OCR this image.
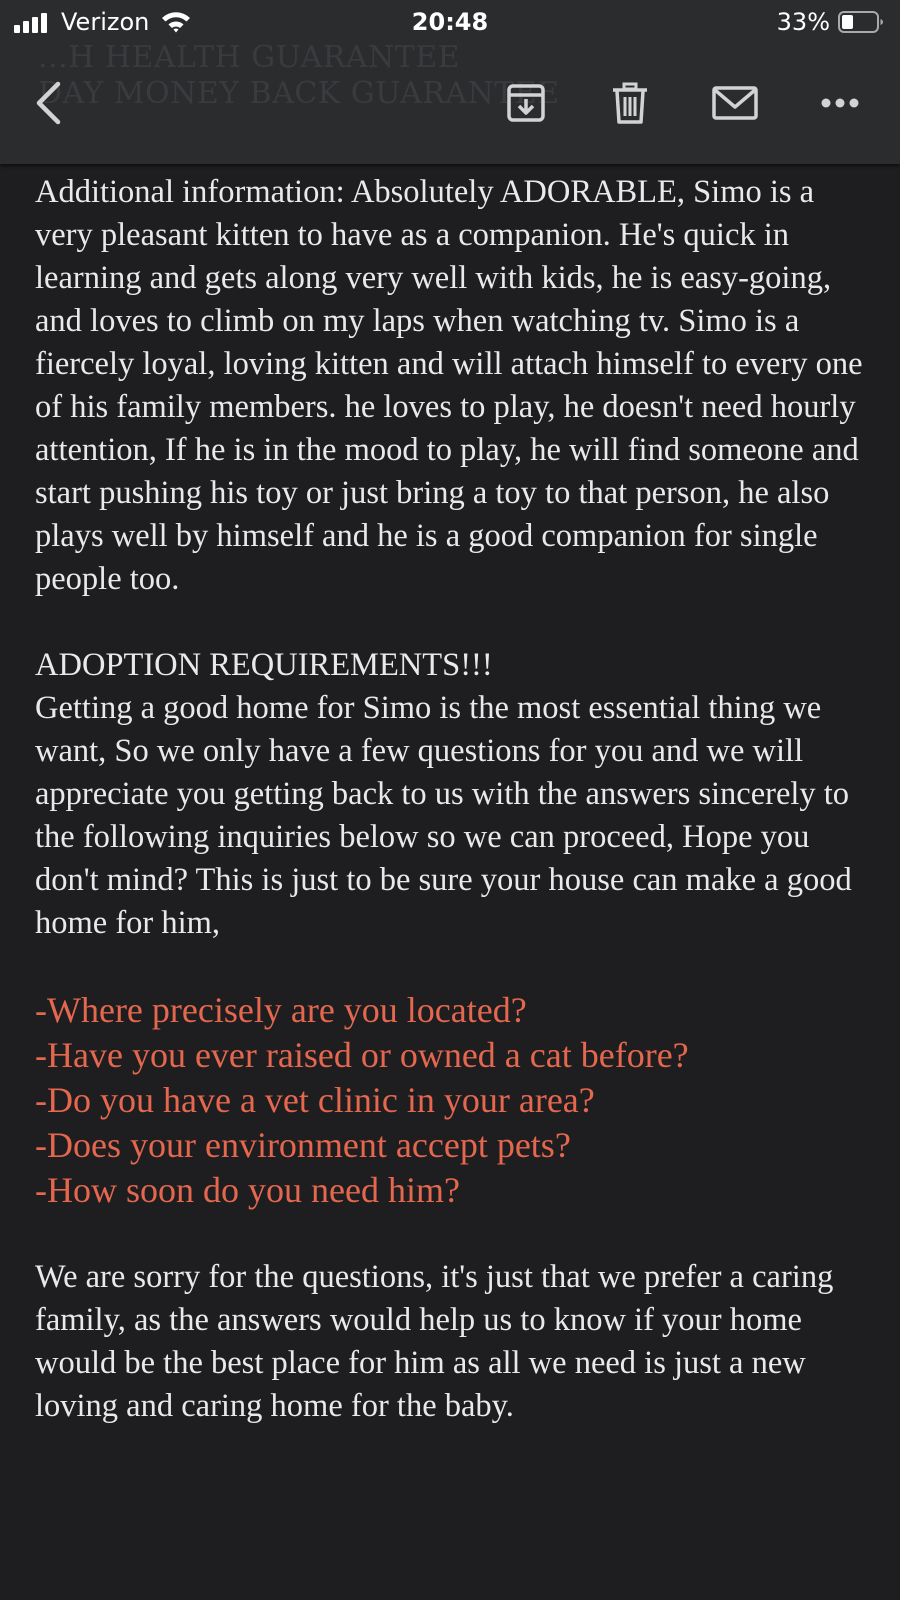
...H HEALTH GUARANTEE
DAY MONEY BACK GUARANTEE
Verizon	20:48	33%

Additional information: Absolutely ADORABLE, Simo is a very pleasant kitten to have as a companion. He's quick in learning and gets along very well with kids, he is easy-going, and loves to climb on my laps when watching tv. Simo is a fiercely loyal, loving kitten and will attach himself to every one of his family members. he loves to play, he doesn't need hourly attention, If he is in the mood to play, he will find someone and start pushing his toy or just bring a toy to that person, he also plays well by himself and he is a good companion for single people too.

ADOPTION REQUIREMENTS!!!

Getting a good home for Simo is the most essential thing we want, So we only have a few questions for you and we will appreciate you getting back to us with the answers sincerely to the following inquiries below so we can proceed, Hope you don't mind? This is just to be sure your house can make a good home for him,

-Where precisely are you located?
-Have you ever raised or owned a cat before?
-Do you have a vet clinic in your area?
-Does your environment accept pets?
-How soon do you need him?

We are sorry for the questions, it's just that we prefer a caring family, as the answers would help us to know if your home would be the best place for him as all we need is just a new loving and caring home for the baby.
